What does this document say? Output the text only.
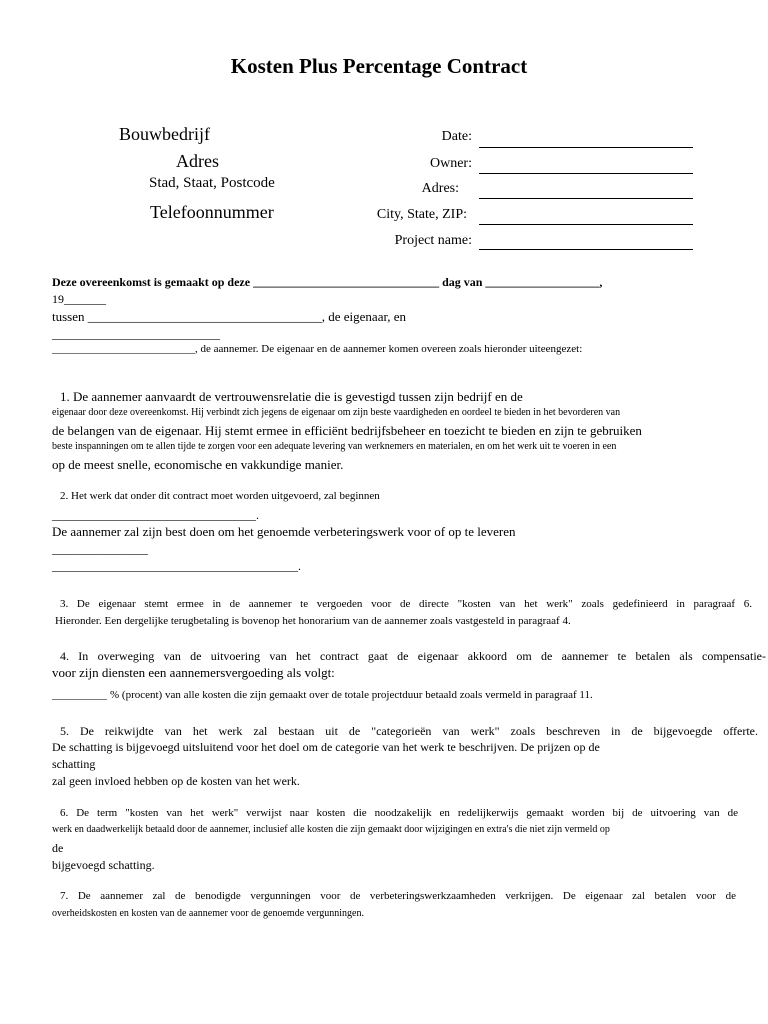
Kosten Plus Percentage Contract
Bouwbedrijf
Adres
Stad, Staat, Postcode
Telefoonnummer
Date:
Owner:
Adres:
City, State, ZIP:
Project name:
Deze overeenkomst is gemaakt op deze _______________________________ dag van ___________________,
19_______
tussen ____________________________________, de eigenaar, en
____________________________
__________________________, de aannemer. De eigenaar en de aannemer komen overeen zoals hieronder uiteengezet:
1. De aannemer aanvaardt de vertrouwensrelatie die is gevestigd tussen zijn bedrijf en de
eigenaar door deze overeenkomst. Hij verbindt zich jegens de eigenaar om zijn beste vaardigheden en oordeel te bieden in het bevorderen van
de belangen van de eigenaar. Hij stemt ermee in efficiënt bedrijfsbeheer en toezicht te bieden en zijn te gebruiken
beste inspanningen om te allen tijde te zorgen voor een adequate levering van werknemers en materialen, en om het werk uit te voeren in een
op de meest snelle, economische en vakkundige manier.
2. Het werk dat onder dit contract moet worden uitgevoerd, zal beginnen
__________________________________.
De aannemer zal zijn best doen om het genoemde verbeteringswerk voor of op te leveren
________________
_________________________________________.
3. De eigenaar stemt ermee in de aannemer te vergoeden voor de directe "kosten van het werk" zoals gedefinieerd in paragraaf 6.
Hieronder. Een dergelijke terugbetaling is bovenop het honorarium van de aannemer zoals vastgesteld in paragraaf 4.
4. In overweging van de uitvoering van het contract gaat de eigenaar akkoord om de aannemer te betalen als compensatie-
voor zijn diensten een aannemersvergoeding als volgt:
__________ % (procent) van alle kosten die zijn gemaakt over de totale projectduur betaald zoals vermeld in paragraaf 11.
5. De reikwijdte van het werk zal bestaan uit de "categorieën van werk" zoals beschreven in de bijgevoegde offerte.
De schatting is bijgevoegd uitsluitend voor het doel om de categorie van het werk te beschrijven. De prijzen op de
schatting
zal geen invloed hebben op de kosten van het werk.
6. De term "kosten van het werk" verwijst naar kosten die noodzakelijk en redelijkerwijs gemaakt worden bij de uitvoering van de
werk en daadwerkelijk betaald door de aannemer, inclusief alle kosten die zijn gemaakt door wijzigingen en extra's die niet zijn vermeld op
de
bijgevoegd schatting.
7. De aannemer zal de benodigde vergunningen voor de verbeteringswerkzaamheden verkrijgen. De eigenaar zal betalen voor de
overheidskosten en kosten van de aannemer voor de genoemde vergunningen.
